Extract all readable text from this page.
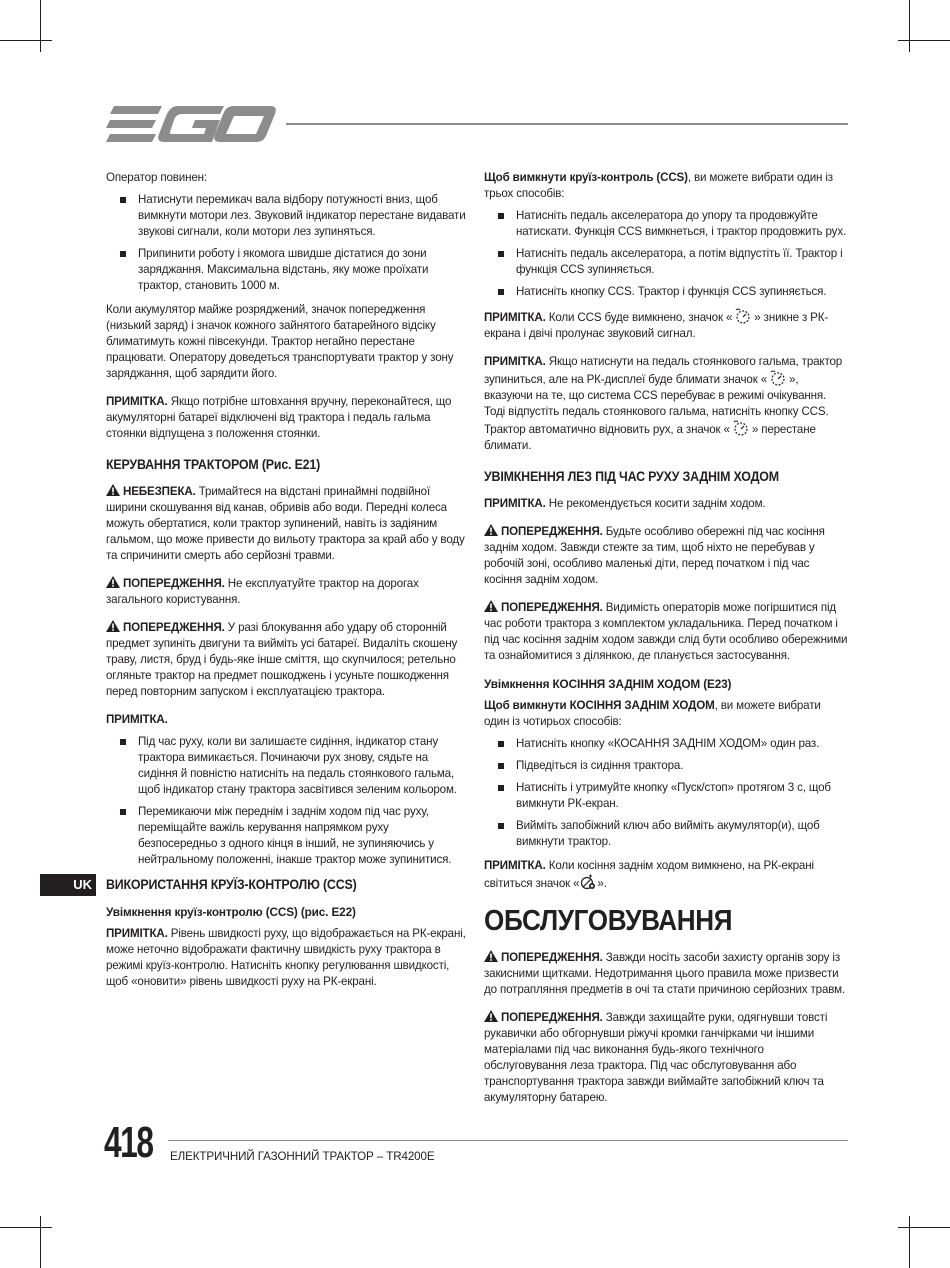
Оператор повинен:

Натиснути перемикач вала відбору потужності вниз, щоб вимкнути мотори лез. Звуковий індикатор перестане видавати звукові сигнали, коли мотори лез зупиняться.
Припинити роботу і якомога швидше дістатися до зони заряджання. Максимальна відстань, яку може проїхати трактор, становить 1000 м.

Коли акумулятор майже розряджений, значок попередження (низький заряд) і значок кожного зайнятого батарейного відсіку блиматимуть кожні півсекунди. Трактор негайно перестане працювати. Оператору доведеться транспортувати трактор у зону заряджання, щоб зарядити його.

ПРИМІТКА. Якщо потрібне штовхання вручну, переконайтеся, що акумуляторні батареї відключені від трактора і педаль гальма стоянки відпущена з положення стоянки.

КЕРУВАННЯ ТРАКТОРОМ (Рис. E21)

НЕБЕЗПЕКА. Тримайтеся на відстані принаймні подвійної ширини скошування від канав, обривів або води. Передні колеса можуть обертатися, коли трактор зупинений, навіть із задіяним гальмом, що може привести до вильоту трактора за край або у воду та спричинити смерть або серйозні травми.

ПОПЕРЕДЖЕННЯ. Не експлуатуйте трактор на дорогах загального користування.

ПОПЕРЕДЖЕННЯ. У разі блокування або удару об сторонній предмет зупиніть двигуни та вийміть усі батареї. Видаліть скошену траву, листя, бруд і будь-яке інше сміття, що скупчилося; ретельно огляньте трактор на предмет пошкоджень і усуньте пошкодження перед повторним запуском і експлуатацією трактора.

ПРИМІТКА.

Під час руху, коли ви залишаєте сидіння, індикатор стану трактора вимикається. Починаючи рух знову, сядьте на сидіння й повністю натисніть на педаль стоянкового гальма, щоб індикатор стану трактора засвітився зеленим кольором.
Перемикаючи між переднім і заднім ходом під час руху, переміщайте важіль керування напрямком руху безпосередньо з одного кінця в інший, не зупиняючись у нейтральному положенні, інакше трактор може зупинитися.
ВИКОРИСТАННЯ КРУЇЗ-КОНТРОЛЮ (CCS)
Увімкнення круїз-контролю (CCS) (рис. E22)

ПРИМІТКА. Рівень швидкості руху, що відображається на РК-екрані, може неточно відображати фактичну швидкість руху трактора в режимі круїз-контролю. Натисніть кнопку регулювання швидкості, щоб «оновити» рівень швидкості руху на РК-екрані.

Щоб вимкнути круїз-контроль (CCS), ви можете вибрати один із трьох способів:

Натисніть педаль акселератора до упору та продовжуйте натискати. Функція CCS вимкнеться, і трактор продовжить рух.
Натисніть педаль акселератора, а потім відпустіть її. Трактор і функція CCS зупиняється.
Натисніть кнопку CCS. Трактор і функція CCS зупиняється.

ПРИМІТКА. Коли CCS буде вимкнено, значок « » зникне з РК-екрана і двічі пролунає звуковий сигнал.

ПРИМІТКА. Якщо натиснути на педаль стоянкового гальма, трактор зупиниться, але на РК-дисплеї буде блимати значок « », вказуючи на те, що система CCS перебуває в режимі очікування. Тоді відпустіть педаль стоянкового гальма, натисніть кнопку CCS. Трактор автоматично відновить рух, а значок « » перестане блимати.

УВІМКНЕННЯ ЛЕЗ ПІД ЧАС РУХУ ЗАДНІМ ХОДОМ

ПРИМІТКА. Не рекомендується косити заднім ходом.

ПОПЕРЕДЖЕННЯ. Будьте особливо обережні під час косіння заднім ходом. Завжди стежте за тим, щоб ніхто не перебував у робочій зоні, особливо маленькі діти, перед початком і під час косіння заднім ходом.

ПОПЕРЕДЖЕННЯ. Видимість операторів може погіршитися під час роботи трактора з комплектом укладальника. Перед початком і під час косіння заднім ходом завжди слід бути особливо обережними та ознайомитися з ділянкою, де планується застосування.

Увімкнення КОСІННЯ ЗАДНІМ ХОДОМ (E23)

Щоб вимкнути КОСІННЯ ЗАДНІМ ХОДОМ, ви можете вибрати один із чотирьох способів:

Натисніть кнопку «КОСАННЯ ЗАДНІМ ХОДОМ» один раз.
Підведіться із сидіння трактора.
Натисніть і утримуйте кнопку «Пуск/стоп» протягом 3 с, щоб вимкнути РК-екран.
Вийміть запобіжний ключ або вийміть акумулятор(и), щоб вимкнути трактор.

ПРИМІТКА. Коли косіння заднім ходом вимкнено, на РК-екрані світиться значок « ».

ОБСЛУГОВУВАННЯ

ПОПЕРЕДЖЕННЯ. Завжди носіть засоби захисту органів зору із закисними щитками. Недотримання цього правила може призвести до потрапляння предметів в очі та стати причиною серйозних травм.

ПОПЕРЕДЖЕННЯ. Завжди захищайте руки, одягнувши товсті рукавички або обгорнувши ріжучі кромки ганчірками чи іншими матеріалами під час виконання будь-якого технічного обслуговування леза трактора. Під час обслуговування або транспортування трактора завжди виймайте запобіжний ключ та акумуляторну батарею.

UK
418 ЕЛЕКТРИЧНИЙ ГАЗОННИЙ ТРАКТОР – TR4200E
